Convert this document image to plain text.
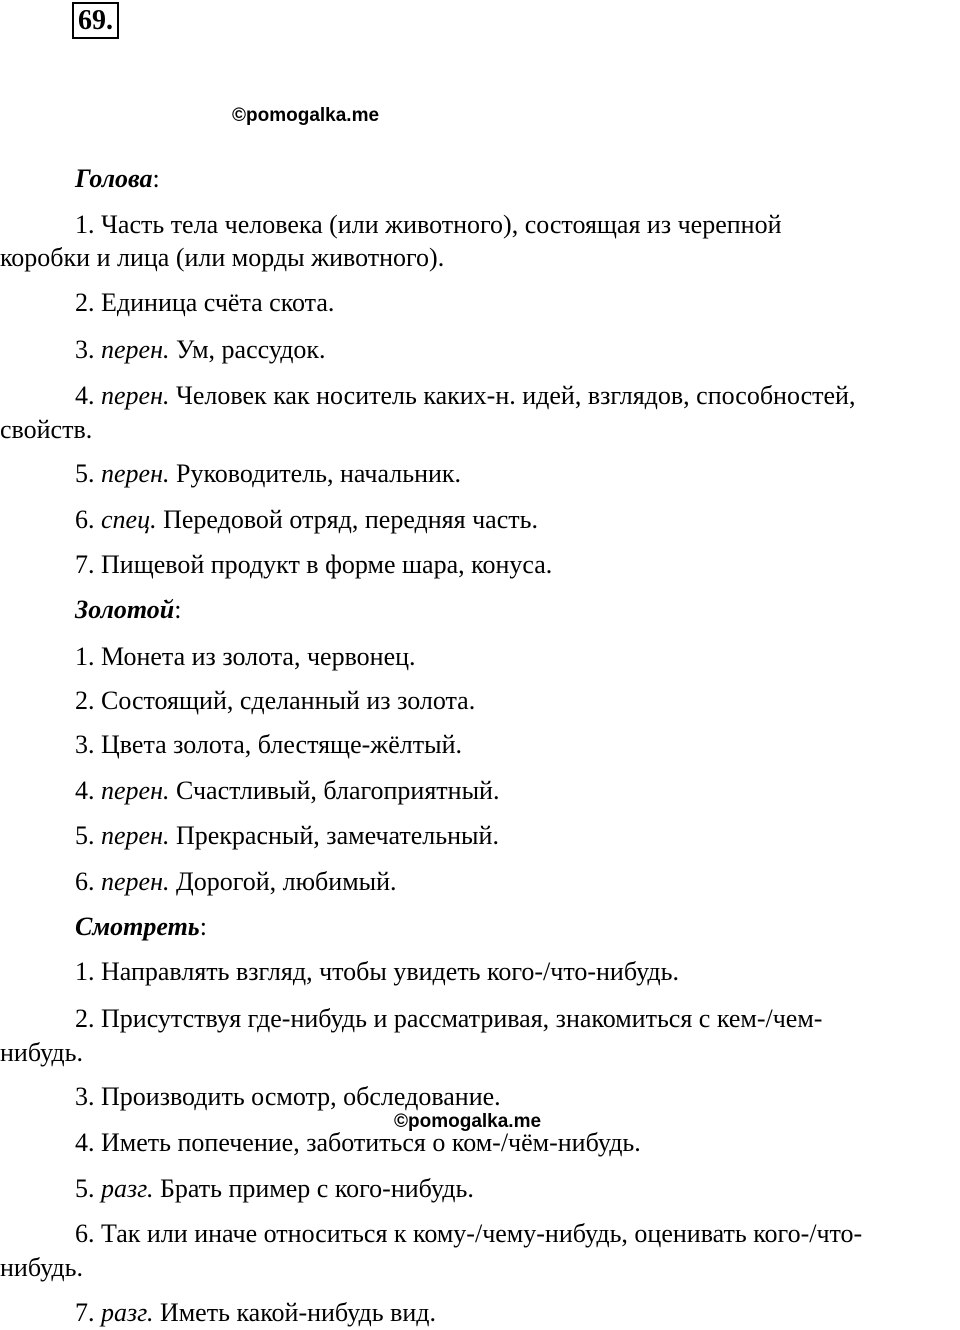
69.
©pomogalka.me
©pomogalka.me
Голова:
1. Часть тела человека (или животного), состоящая из черепной
коробки и лица (или морды животного).
2. Единица счёта скота.
3. перен. Ум, рассудок.
4. перен. Человек как носитель каких-н. идей, взглядов, способностей,
свойств.
5. перен. Руководитель, начальник.
6. спец. Передовой отряд, передняя часть.
7. Пищевой продукт в форме шара, конуса.
Золотой:
1. Монета из золота, червонец.
2. Состоящий, сделанный из золота.
3. Цвета золота, блестяще-жёлтый.
4. перен. Счастливый, благоприятный.
5. перен. Прекрасный, замечательный.
6. перен. Дорогой, любимый.
Смотреть:
1. Направлять взгляд, чтобы увидеть кого-/что-нибудь.
2. Присутствуя где-нибудь и рассматривая, знакомиться с кем-/чем-
нибудь.
3. Производить осмотр, обследование.
4. Иметь попечение, заботиться о ком-/чём-нибудь.
5. разг. Брать пример с кого-нибудь.
6. Так или иначе относиться к кому-/чему-нибудь, оценивать кого-/что-
нибудь.
7. разг. Иметь какой-нибудь вид.
